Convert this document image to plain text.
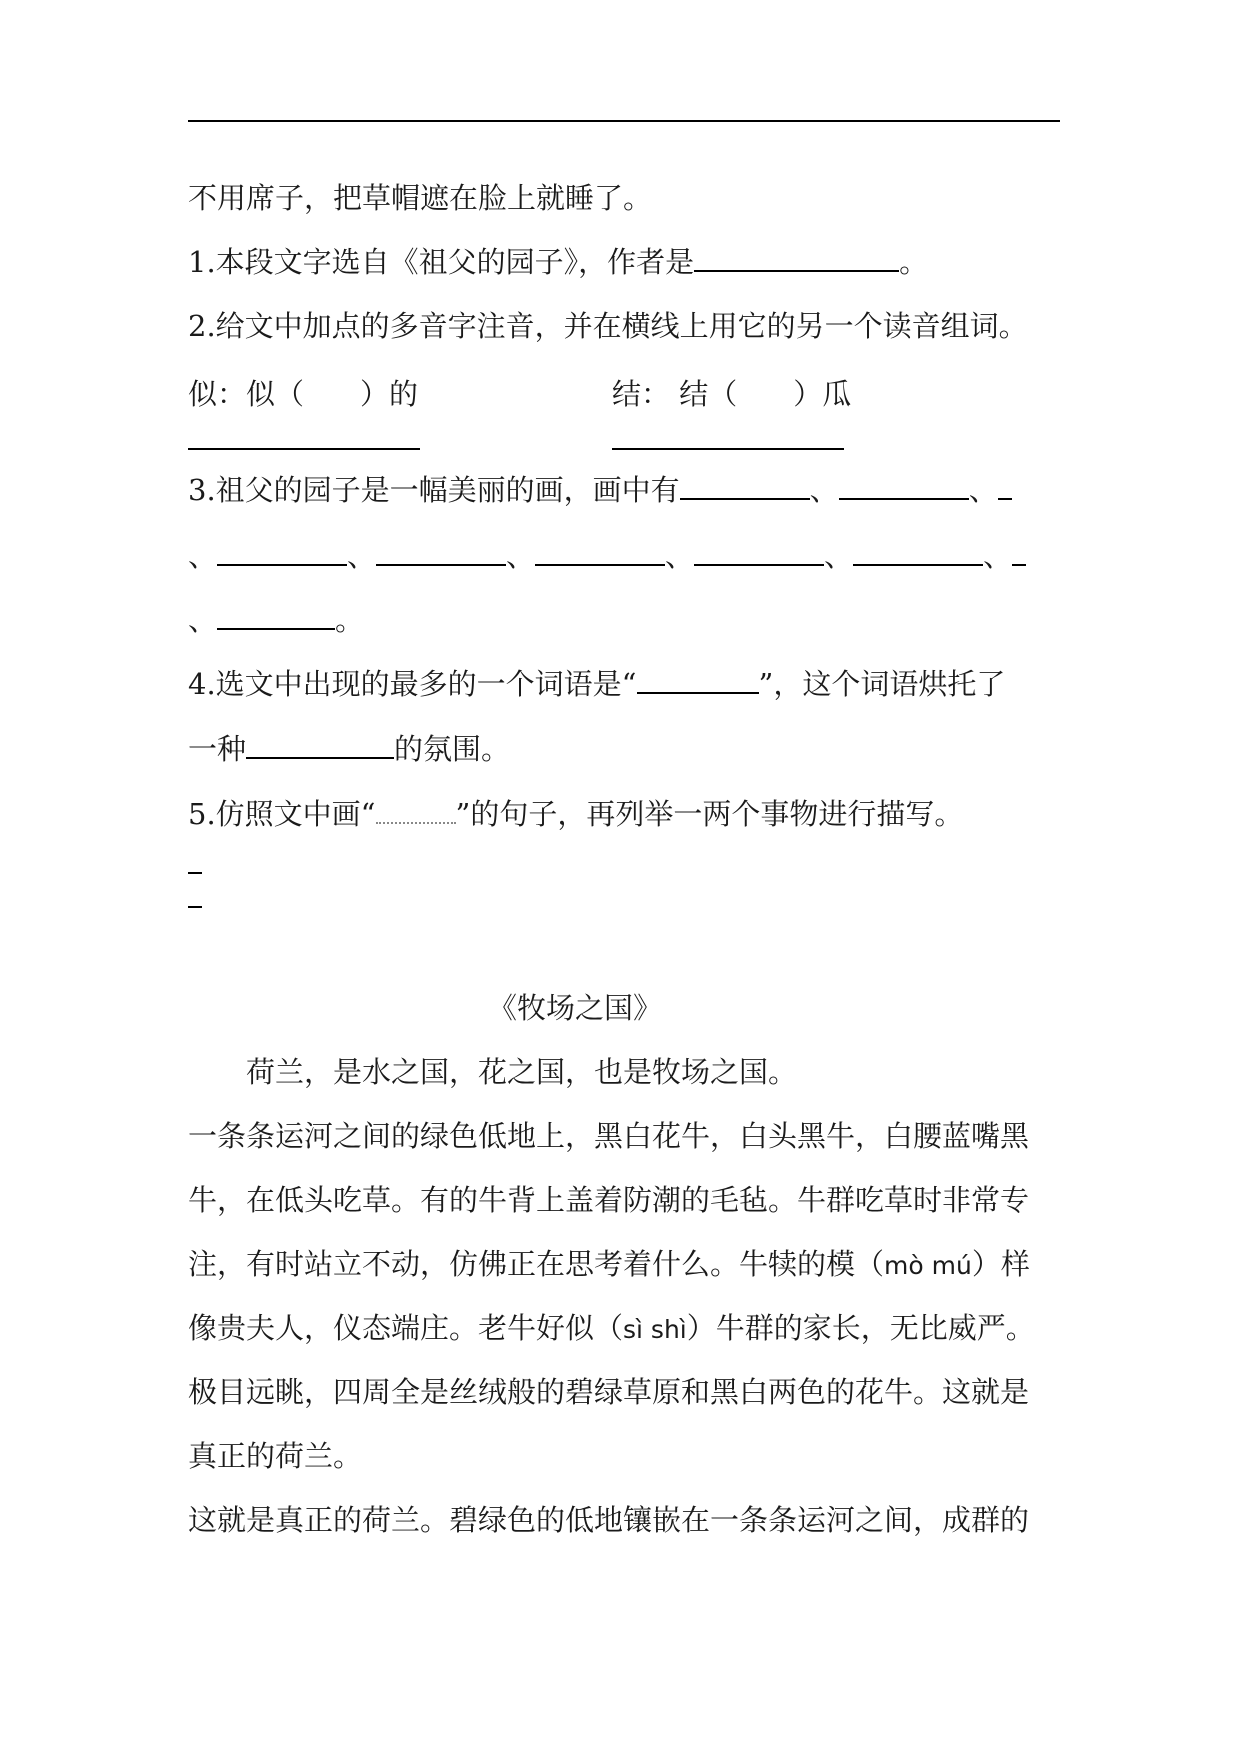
不用席子，把草帽遮在脸上就睡了。
1.本段文字选自《祖父的园子》，作者是	。
2.给文中加点的多音字注音，并在横线上用它的另一个读音组词。
似：似（ ）的	结： 结（ ）瓜
3.祖父的园子是一幅美丽的画，画中有	、	、
、	、	、	、	、	、
、	。
4.选文中出现的最多的一个词语是“	”，这个词语烘托了
一种	的氛围。
5.仿照文中画“	”的句子，再列举一两个事物进行描写。
《牧场之国》
荷兰，是水之国，花之国，也是牧场之国。
一条条运河之间的绿色低地上，黑白花牛，白头黑牛，白腰蓝嘴黑
牛，在低头吃草。有的牛背上盖着防潮的毛毡。牛群吃草时非常专
注，有时站立不动，仿佛正在思考着什么。牛犊的模（mò mú）样
像贵夫人，仪态端庄。老牛好似（sì shì）牛群的家长，无比威严。
极目远眺，四周全是丝绒般的碧绿草原和黑白两色的花牛。这就是
真正的荷兰。
这就是真正的荷兰。碧绿色的低地镶嵌在一条条运河之间，成群的
